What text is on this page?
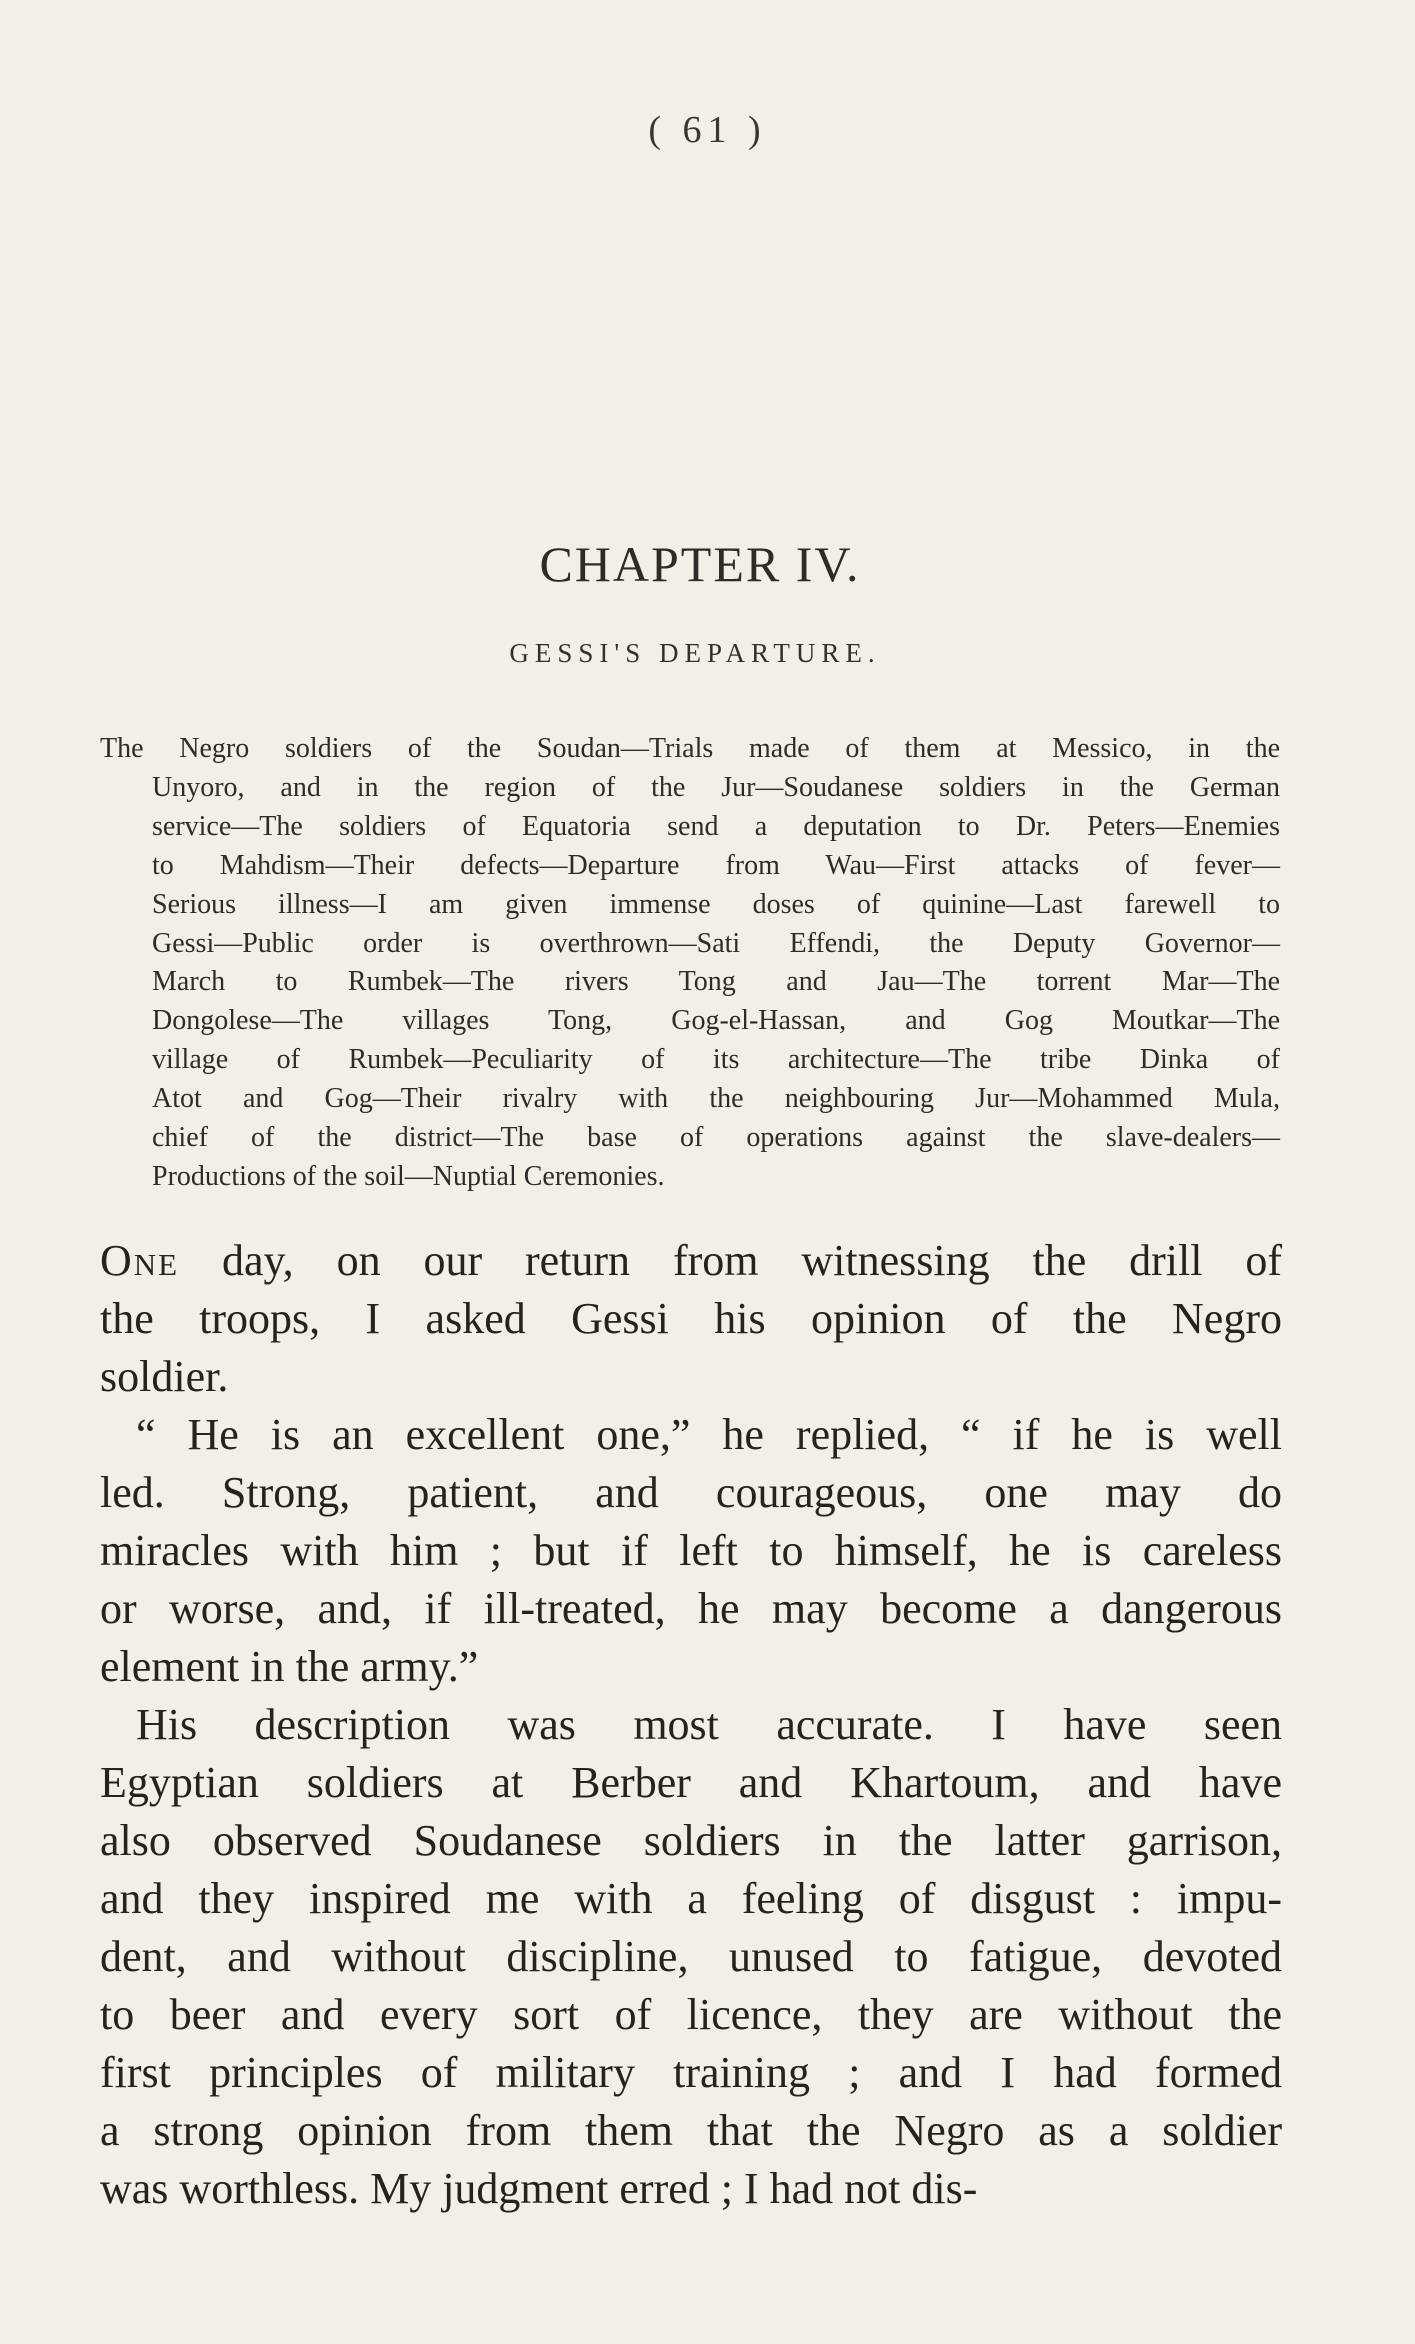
( 61 )
CHAPTER IV.
GESSI'S DEPARTURE.
The Negro soldiers of the Soudan—Trials made of them at Messico, in the
Unyoro, and in the region of the Jur—Soudanese soldiers in the German
service—The soldiers of Equatoria send a deputation to Dr. Peters—Enemies
to Mahdism—Their defects—Departure from Wau—First attacks of fever—
Serious illness—I am given immense doses of quinine—Last farewell to
Gessi—Public order is overthrown—Sati Effendi, the Deputy Governor—
March to Rumbek—The rivers Tong and Jau—The torrent Mar—The
Dongolese—The villages Tong, Gog-el-Hassan, and Gog Moutkar—The
village of Rumbek—Peculiarity of its architecture—The tribe Dinka of
Atot and Gog—Their rivalry with the neighbouring Jur—Mohammed Mula,
chief of the district—The base of operations against the slave-dealers—
Productions of the soil—Nuptial Ceremonies.
One day, on our return from witnessing the drill of
the troops, I asked Gessi his opinion of the Negro
soldier.
“ He is an excellent one,” he replied, “ if he is well
led. Strong, patient, and courageous, one may do
miracles with him ; but if left to himself, he is careless
or worse, and, if ill-treated, he may become a dangerous
element in the army.”
His description was most accurate. I have seen
Egyptian soldiers at Berber and Khartoum, and have
also observed Soudanese soldiers in the latter garrison,
and they inspired me with a feeling of disgust : impu-
dent, and without discipline, unused to fatigue, devoted
to beer and every sort of licence, they are without the
first principles of military training ; and I had formed
a strong opinion from them that the Negro as a soldier
was worthless. My judgment erred ; I had not dis-
